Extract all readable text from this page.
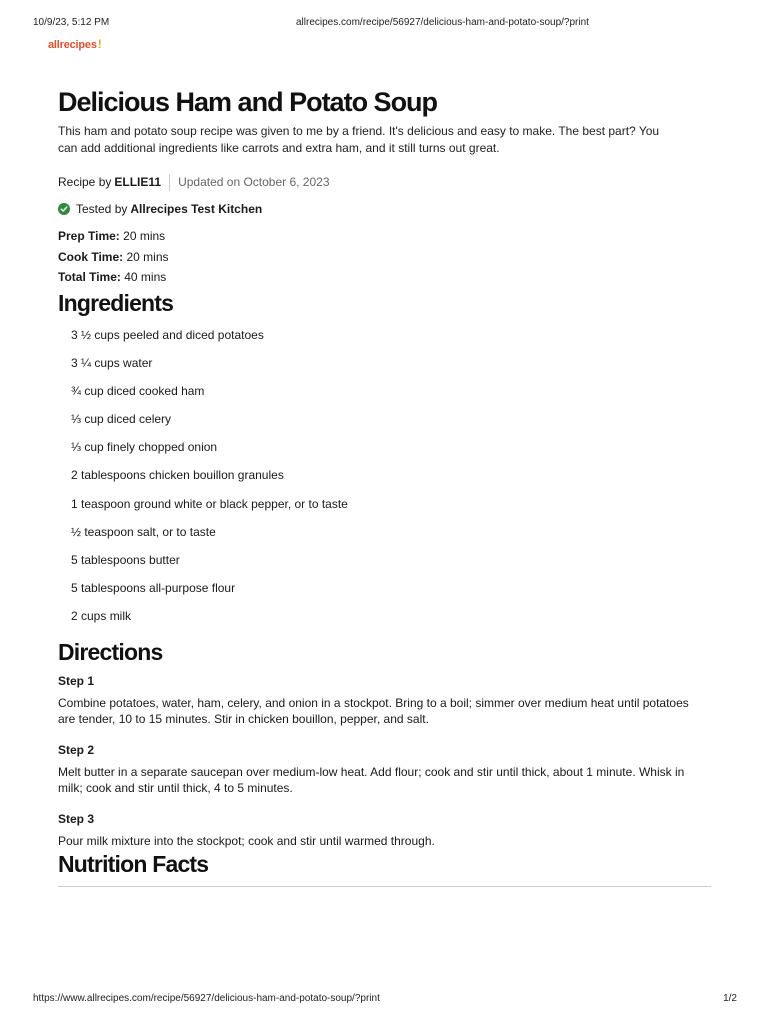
10/9/23, 5:12 PM	allrecipes.com/recipe/56927/delicious-ham-and-potato-soup/?print
allrecipes!
Delicious Ham and Potato Soup

This ham and potato soup recipe was given to me by a friend. It's delicious and easy to make. The best part? You can add additional ingredients like carrots and extra ham, and it still turns out great.

Recipe by ELLIE11 Updated on October 6, 2023
Tested by Allrecipes Test Kitchen
Prep Time: 20 mins
Cook Time: 20 mins
Total Time: 40 mins
Ingredients
3 ½ cups peeled and diced potatoes
3 ¼ cups water
¾ cup diced cooked ham
⅓ cup diced celery
⅓ cup finely chopped onion
2 tablespoons chicken bouillon granules
1 teaspoon ground white or black pepper, or to taste
½ teaspoon salt, or to taste
5 tablespoons butter
5 tablespoons all-purpose flour
2 cups milk
Directions
Step 1
Combine potatoes, water, ham, celery, and onion in a stockpot. Bring to a boil; simmer over medium heat until potatoes are tender, 10 to 15 minutes. Stir in chicken bouillon, pepper, and salt.
Step 2
Melt butter in a separate saucepan over medium-low heat. Add flour; cook and stir until thick, about 1 minute. Whisk in milk; cook and stir until thick, 4 to 5 minutes.
Step 3
Pour milk mixture into the stockpot; cook and stir until warmed through.
Nutrition Facts
https://www.allrecipes.com/recipe/56927/delicious-ham-and-potato-soup/?print	1/2
